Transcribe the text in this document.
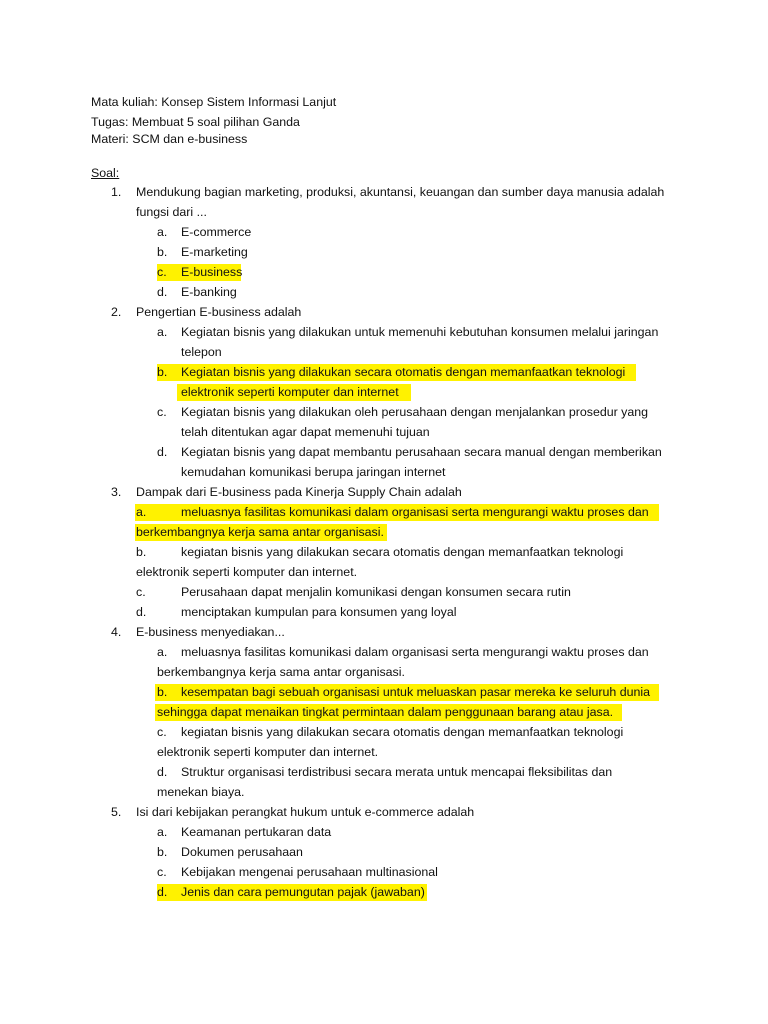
Mata kuliah: Konsep Sistem Informasi Lanjut
Tugas: Membuat 5 soal pilihan Ganda
Materi: SCM dan e-business
Soal:
1. Mendukung bagian marketing, produksi, akuntansi, keuangan dan sumber daya manusia adalah
fungsi dari ...
a. E-commerce
b. E-marketing
c. E-business
d. E-banking
2. Pengertian E-business adalah
a. Kegiatan bisnis yang dilakukan untuk memenuhi kebutuhan konsumen melalui jaringan
telepon
b. Kegiatan bisnis yang dilakukan secara otomatis dengan memanfaatkan teknologi
elektronik seperti komputer dan internet
c. Kegiatan bisnis yang dilakukan oleh perusahaan dengan menjalankan prosedur yang
telah ditentukan agar dapat memenuhi tujuan
d. Kegiatan bisnis yang dapat membantu perusahaan secara manual dengan memberikan
kemudahan komunikasi berupa jaringan internet
3. Dampak dari E-business pada Kinerja Supply Chain adalah
a.	meluasnya fasilitas komunikasi dalam organisasi serta mengurangi waktu proses dan
berkembangnya kerja sama antar organisasi.
b.	kegiatan bisnis yang dilakukan secara otomatis dengan memanfaatkan teknologi
elektronik seperti komputer dan internet.
c.	Perusahaan dapat menjalin komunikasi dengan konsumen secara rutin
d.	menciptakan kumpulan para konsumen yang loyal
4. E-business menyediakan...
a. meluasnya fasilitas komunikasi dalam organisasi serta mengurangi waktu proses dan
berkembangnya kerja sama antar organisasi.
b. kesempatan bagi sebuah organisasi untuk meluaskan pasar mereka ke seluruh dunia
sehingga dapat menaikan tingkat permintaan dalam penggunaan barang atau jasa.
c. kegiatan bisnis yang dilakukan secara otomatis dengan memanfaatkan teknologi
elektronik seperti komputer dan internet.
d. Struktur organisasi terdistribusi secara merata untuk mencapai fleksibilitas dan
menekan biaya.
5. Isi dari kebijakan perangkat hukum untuk e-commerce adalah
a. Keamanan pertukaran data
b. Dokumen perusahaan
c. Kebijakan mengenai perusahaan multinasional
d. Jenis dan cara pemungutan pajak (jawaban)
